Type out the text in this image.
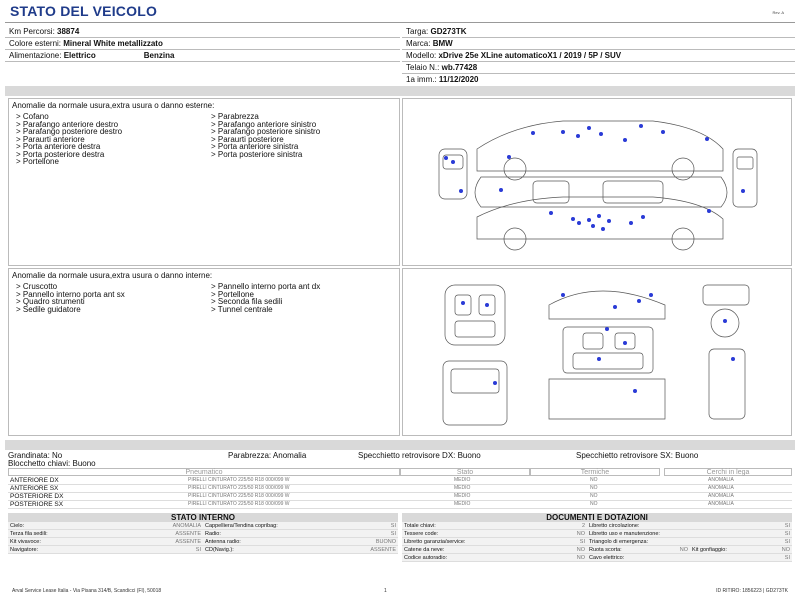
STATO DEL VEICOLO	Rev. A
Km Percorsi: 38874
Colore esterni: Mineral White metallizzato
Alimentazione: Elettrico	Benzina
Targa: GD273TK
Marca: BMW
Modello: xDrive 25e XLine automaticoX1 / 2019 / 5P / SUV
Telaio N.: wb.77428
1a imm.: 11/12/2020
Anomalie da normale usura,extra usura o danno esterne:
> Cofano
> Parafango anteriore destro
> Parafango posteriore destro
> Paraurti anteriore
> Porta anteriore destra
> Porta posteriore destra
> Portellone
> Parabrezza
> Parafango anteriore sinistro
> Parafango posteriore sinistro
> Paraurti posteriore
> Porta anteriore sinistra
> Porta posteriore sinistra
Anomalie da normale usura,extra usura o danno interne:
> Cruscotto
> Pannello interno porta ant sx
> Quadro strumenti
> Sedile guidatore
> Pannello interno porta ant dx
> Portellone
> Seconda fila sedili
> Tunnel centrale
Grandinata: No	Parabrezza: Anomalia	Specchietto retrovisore DX: Buono	Specchietto retrovisore SX: Buono
Blocchetto chiavi: Buono
Pneumatico	Stato	Termiche	Cerchi in lega
ANTERIORE DX	PIRELLI CINTURATO 225/50 R18 000/099 W	MEDIO	NO	ANOMALIA
ANTERIORE SX	PIRELLI CINTURATO 225/50 R18 000/099 W	MEDIO	NO	ANOMALIA
POSTERIORE DX	PIRELLI CINTURATO 225/50 R18 000/099 W	MEDIO	NO	ANOMALIA
POSTERIORE SX	PIRELLI CINTURATO 225/50 R18 000/099 W	MEDIO	NO	ANOMALIA
STATO INTERNO
Cielo:	ANOMALIA Cappelliera/Tendina copribag:	SI
Terza fila sedili:	ASSENTE Radio:	SI
Kit vivavoce:	ASSENTE Antenna radio:	BUONO
Navigatore:	SI CD(Navig.):	ASSENTE
DOCUMENTI E DOTAZIONI
Totale chiavi:	2 Libretto circolazione:	SI
Tessere code:	NO Libretto uso e manutenzione:	SI
Libretto garanzia/service:	SI Triangolo di emergenza:	SI
Catene da neve:	NO Ruota scorta:	NO Kit gonfiaggio:	NO
Codice autoradio:	NO Cavo elettrico:	SI
Arval Service Lease Italia - Via Pisana 314/B, Scandicci (FI), 50018	1	ID RITIRO: 1856223 | GD273TK
